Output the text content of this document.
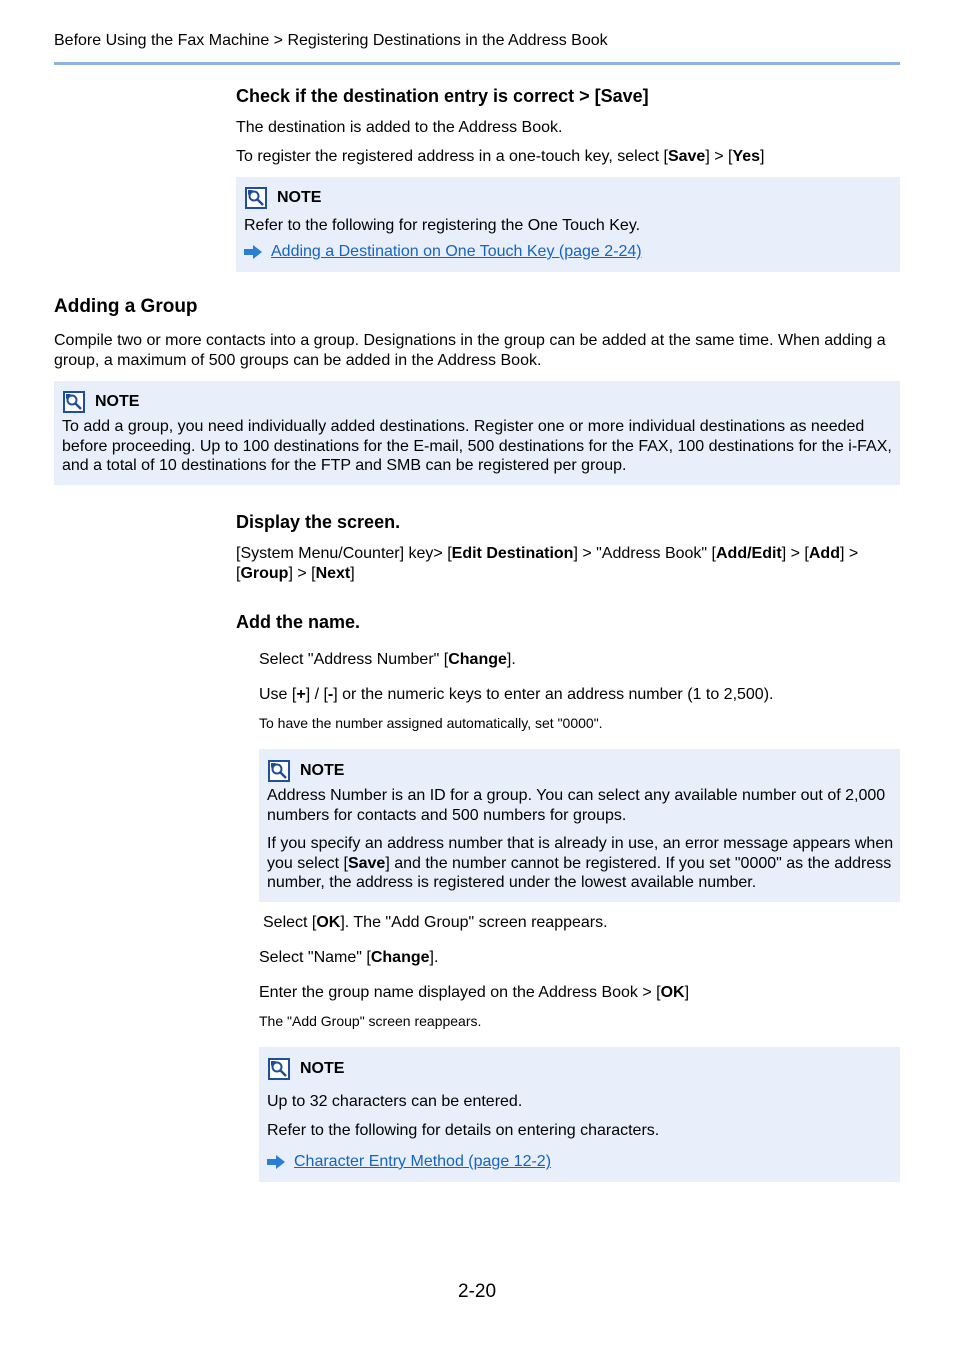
Before Using the Fax Machine > Registering Destinations in the Address Book
Check if the destination entry is correct > [Save]
The destination is added to the Address Book.
To register the registered address in a one-touch key, select [Save] > [Yes]
NOTE
Refer to the following for registering the One Touch Key.
Adding a Destination on One Touch Key (page 2-24)
Adding a Group
Compile two or more contacts into a group. Designations in the group can be added at the same time. When adding a group, a maximum of 500 groups can be added in the Address Book.
NOTE
To add a group, you need individually added destinations. Register one or more individual destinations as needed before proceeding. Up to 100 destinations for the E-mail, 500 destinations for the FAX, 100 destinations for the i-FAX, and a total of 10 destinations for the FTP and SMB can be registered per group.
Display the screen.
[System Menu/Counter] key> [Edit Destination] > "Address Book" [Add/Edit] > [Add] >
[Group] > [Next]
Add the name.
Select "Address Number" [Change].
Use [+] / [-] or the numeric keys to enter an address number (1 to 2,500).
To have the number assigned automatically, set "0000".
NOTE
Address Number is an ID for a group. You can select any available number out of 2,000 numbers for contacts and 500 numbers for groups.
If you specify an address number that is already in use, an error message appears when you select [Save] and the number cannot be registered. If you set "0000" as the address number, the address is registered under the lowest available number.
Select [OK]. The "Add Group" screen reappears.
Select "Name" [Change].
Enter the group name displayed on the Address Book > [OK]
The "Add Group" screen reappears.
NOTE
Up to 32 characters can be entered.
Refer to the following for details on entering characters.
Character Entry Method (page 12-2)
2-20
